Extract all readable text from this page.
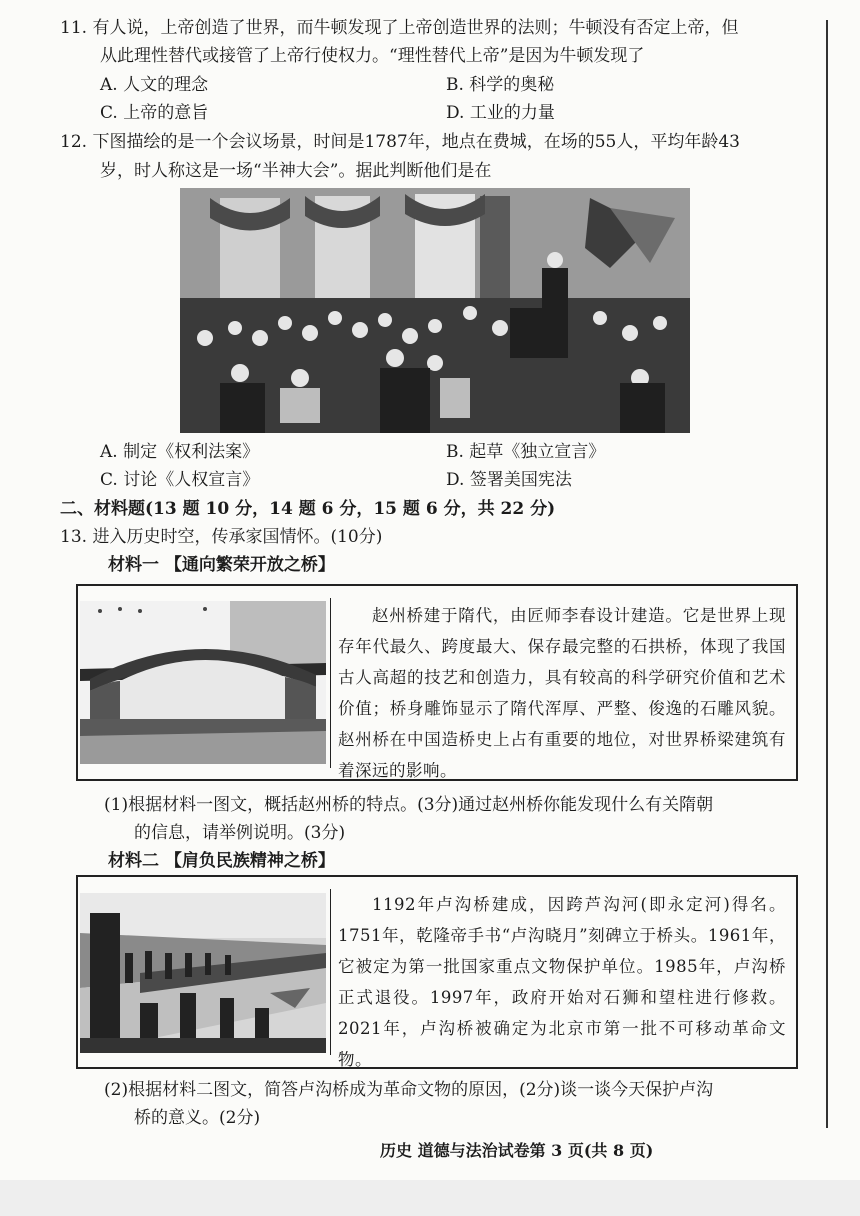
11. 有人说，上帝创造了世界，而牛顿发现了上帝创造世界的法则；牛顿没有否定上帝，但
从此理性替代或接管了上帝行使权力。“理性替代上帝”是因为牛顿发现了
A. 人文的理念	B. 科学的奥秘
C. 上帝的意旨	D. 工业的力量
12. 下图描绘的是一个会议场景，时间是1787年，地点在费城，在场的55人，平均年龄43
岁，时人称这是一场“半神大会”。据此判断他们是在
A. 制定《权利法案》	B. 起草《独立宣言》
C. 讨论《人权宣言》	D. 签署美国宪法
二、材料题(13 题 10 分，14 题 6 分，15 题 6 分，共 22 分)
13. 进入历史时空，传承家国情怀。(10分)
材料一 【通向繁荣开放之桥】
赵州桥建于隋代，由匠师李春设计建造。它是世界上现存年代最久、跨度最大、保存最完整的石拱桥，体现了我国古人高超的技艺和创造力，具有较高的科学研究价值和艺术价值；桥身雕饰显示了隋代浑厚、严整、俊逸的石雕风貌。赵州桥在中国造桥史上占有重要的地位，对世界桥梁建筑有着深远的影响。
(1)根据材料一图文，概括赵州桥的特点。(3分)通过赵州桥你能发现什么有关隋朝
的信息，请举例说明。(3分)
材料二 【肩负民族精神之桥】
1192年卢沟桥建成，因跨芦沟河(即永定河)得名。1751年，乾隆帝手书“卢沟晓月”刻碑立于桥头。1961年，它被定为第一批国家重点文物保护单位。1985年，卢沟桥正式退役。1997年，政府开始对石狮和望柱进行修救。2021年，卢沟桥被确定为北京市第一批不可移动革命文物。
(2)根据材料二图文，简答卢沟桥成为革命文物的原因，(2分)谈一谈今天保护卢沟
桥的意义。(2分)
历史 道德与法治试卷第 3 页(共 8 页)
